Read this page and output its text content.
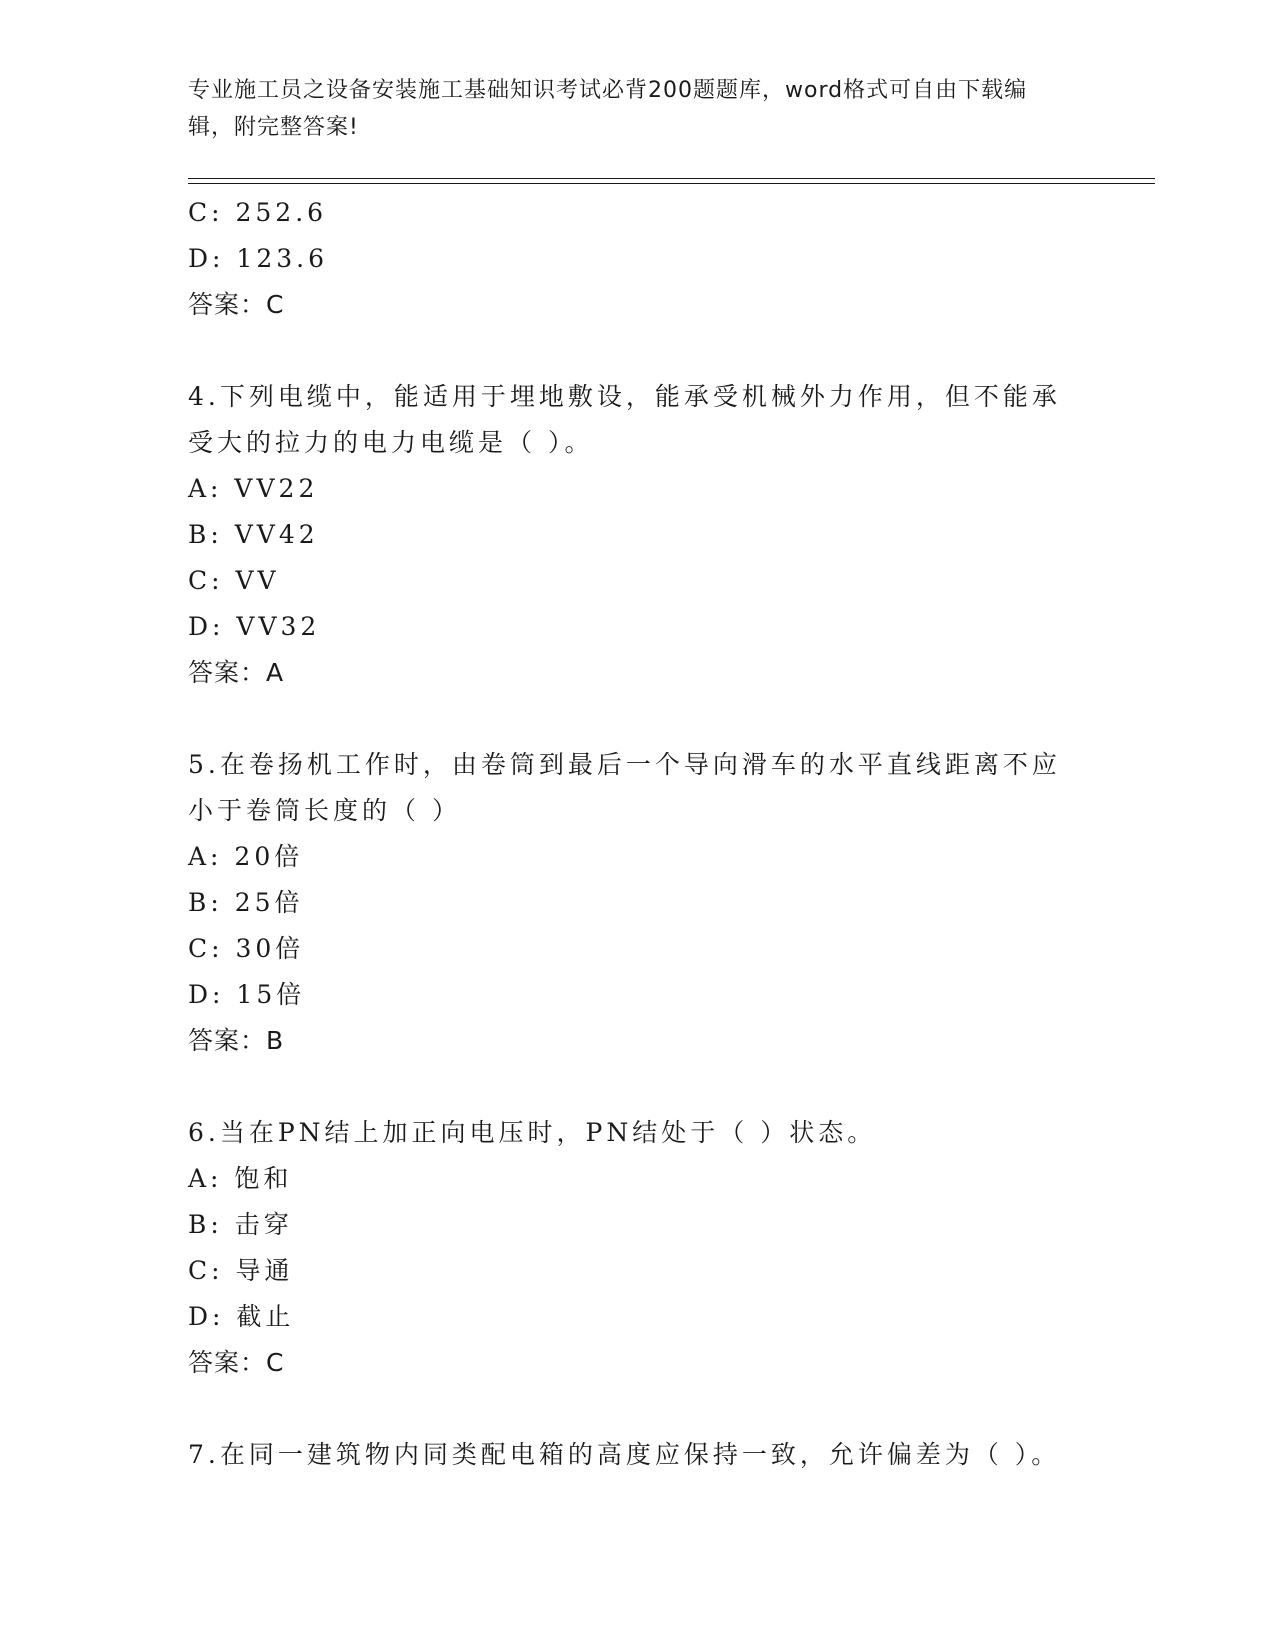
专业施工员之设备安装施工基础知识考试必背200题题库，word格式可自由下载编辑，附完整答案!
C: 252.6
D: 123.6
答案：C
4.下列电缆中，能适用于埋地敷设，能承受机械外力作用，但不能承受大的拉力的电力电缆是（ ）。
A: VV22
B: VV42
C: VV
D: VV32
答案：A
5.在卷扬机工作时，由卷筒到最后一个导向滑车的水平直线距离不应小于卷筒长度的（ ）
A: 20倍
B: 25倍
C: 30倍
D: 15倍
答案：B
6.当在PN结上加正向电压时，PN结处于（ ）状态。
A: 饱和
B: 击穿
C: 导通
D: 截止
答案：C
7.在同一建筑物内同类配电箱的高度应保持一致，允许偏差为（ ）。
